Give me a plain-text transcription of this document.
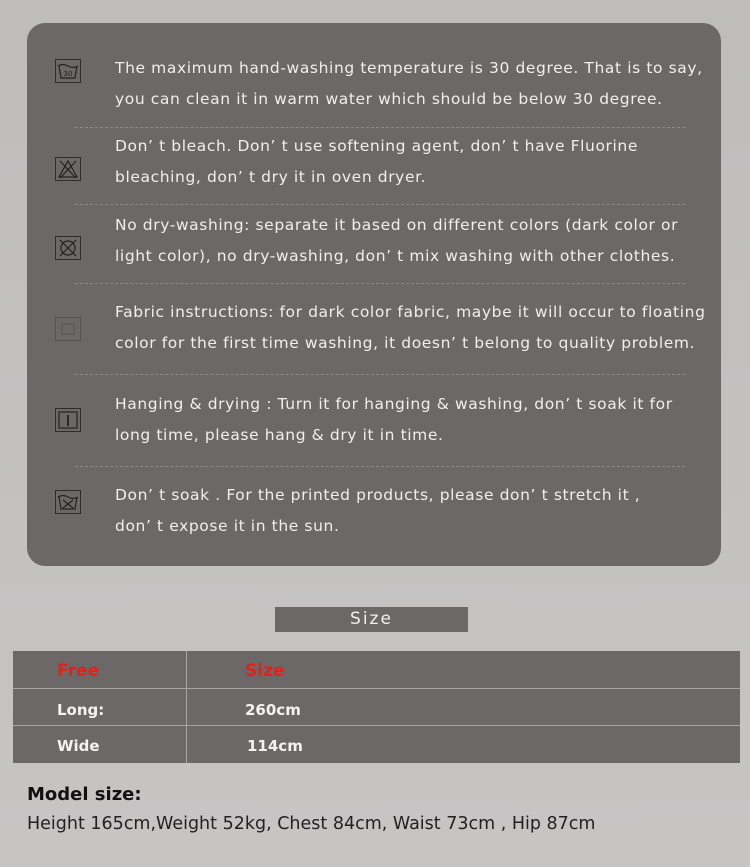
30	The maximum hand-washing temperature is 30 degree. That is to say,
you can clean it in warm water which should be below 30 degree.

Don’ t bleach. Don’ t use softening agent, don’ t have Fluorine
bleaching, don’ t dry it in oven dryer.

No dry-washing: separate it based on different colors (dark color or
light color), no dry-washing, don’ t mix washing with other clothes.

Fabric instructions: for dark color fabric, maybe it will occur to floating
color for the first time washing, it doesn’ t belong to quality problem.

Hanging & drying : Turn it for hanging & washing, don’ t soak it for
long time, please hang & dry it in time.

Don’ t soak . For the printed products, please don’ t stretch it ,
don’ t expose it in the sun.

Size
Free	Size
Long:	260cm
Wide	114cm

Model size:

Height 165cm,Weight 52kg, Chest 84cm, Waist 73cm , Hip 87cm
